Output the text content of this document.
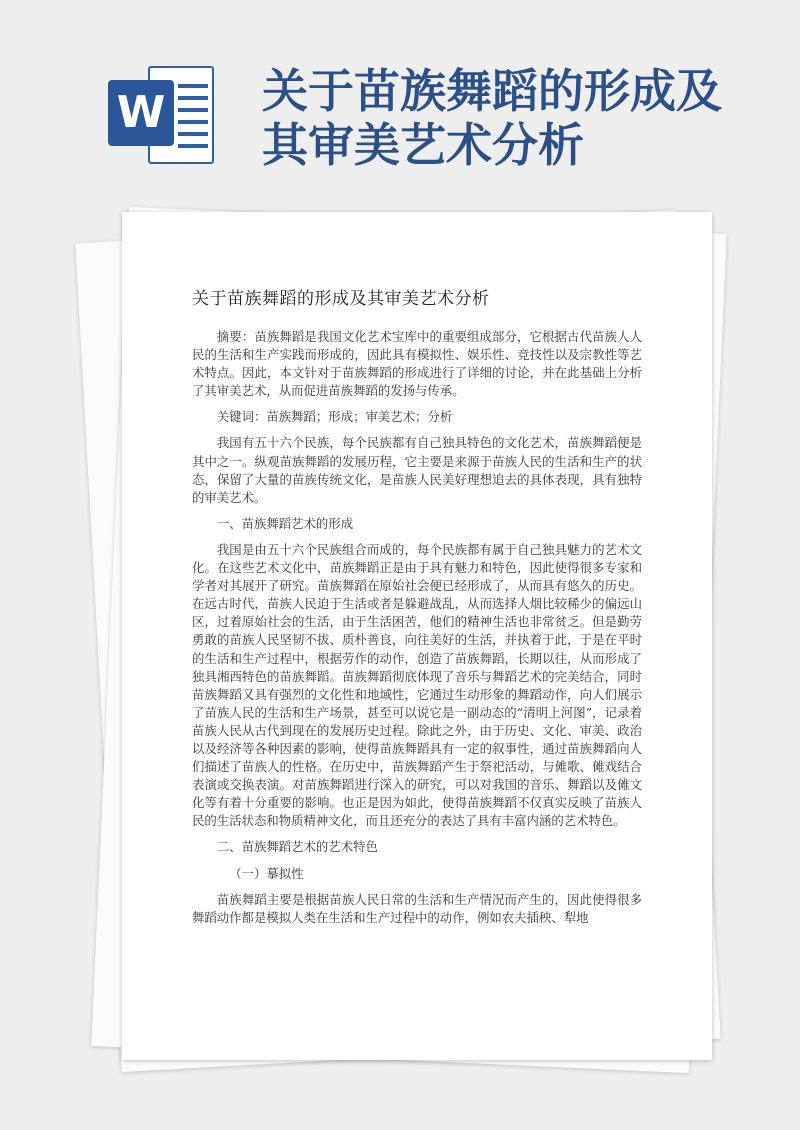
W 关于苗族舞蹈的形成及其审美艺术分析
关于苗族舞蹈的形成及其审美艺术分析

摘要：苗族舞蹈是我国文化艺术宝库中的重要组成部分，它根据古代苗族人人民的生活和生产实践而形成的，因此具有模拟性、娱乐性、竞技性以及宗教性等艺术特点。因此，本文针对于苗族舞蹈的形成进行了详细的讨论，并在此基础上分析了其审美艺术，从而促进苗族舞蹈的发扬与传承。

关键词：苗族舞蹈；形成；审美艺术；分析

我国有五十六个民族，每个民族都有自己独具特色的文化艺术，苗族舞蹈便是其中之一。纵观苗族舞蹈的发展历程，它主要是来源于苗族人民的生活和生产的状态，保留了大量的苗族传统文化，是苗族人民美好理想追去的具体表现，具有独特的审美艺术。

一、苗族舞蹈艺术的形成

我国是由五十六个民族组合而成的，每个民族都有属于自己独具魅力的艺术文化。在这些艺术文化中，苗族舞蹈正是由于具有魅力和特色，因此使得很多专家和学者对其展开了研究。苗族舞蹈在原始社会便已经形成了，从而具有悠久的历史。在远古时代，苗族人民迫于生活或者是躲避战乱，从而选择人烟比较稀少的偏远山区，过着原始社会的生活，由于生活困苦，他们的精神生活也非常贫乏。但是勤劳勇敢的苗族人民坚韧不拔、质朴善良，向往美好的生活，并执着于此，于是在平时的生活和生产过程中，根据劳作的动作，创造了苗族舞蹈，长期以往，从而形成了独具湘西特色的苗族舞蹈。苗族舞蹈彻底体现了音乐与舞蹈艺术的完美结合，同时苗族舞蹈又具有强烈的文化性和地域性，它通过生动形象的舞蹈动作，向人们展示了苗族人民的生活和生产场景，甚至可以说它是一副动态的“清明上河图”，记录着苗族人民从古代到现在的发展历史过程。除此之外，由于历史、文化、审美、政治以及经济等各种因素的影响，使得苗族舞蹈具有一定的叙事性，通过苗族舞蹈向人们描述了苗族人的性格。在历史中，苗族舞蹈产生于祭祀活动，与傩歌、傩戏结合表演或交换表演。对苗族舞蹈进行深入的研究，可以对我国的音乐、舞蹈以及傩文化等有着十分重要的影响。也正是因为如此，使得苗族舞蹈不仅真实反映了苗族人民的生活状态和物质精神文化，而且还充分的表达了具有丰富内涵的艺术特色。

二、苗族舞蹈艺术的艺术特色

（一）摹拟性

苗族舞蹈主要是根据苗族人民日常的生活和生产情况而产生的，因此使得很多舞蹈动作都是模拟人类在生活和生产过程中的动作，例如农夫插秧、犁地
